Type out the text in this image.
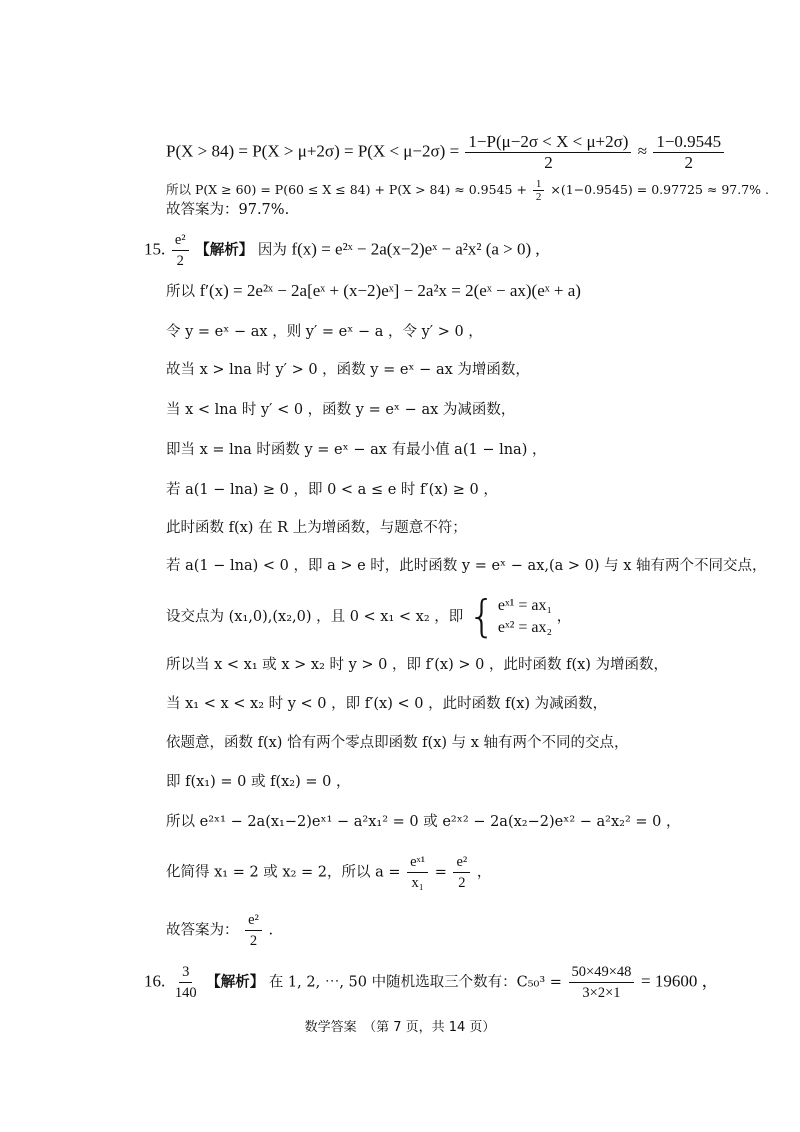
$P(X > 84) = P(X > \mu+2\sigma) = P(X < \mu-2\sigma) = \frac{1-P(\mu-2\sigma < X < \mu+2\sigma)}{2} \approx \frac{1-0.9545}{2}$
所以 $P(X \ge 60) = P(60 \le X \le 84) + P(X > 84) \approx 0.9545 + \frac{1}{2} \times(1-0.9545) = 0.97725 \approx 97.7\%$ .
故答案为：97.7%.
15. $\frac{\text{e²}}{2}$ 【解析】 因为 f(x) = e²ˣ − 2a(x−2)eˣ − a²x² (a > 0) ,
所以 f′(x) = 2e²ˣ − 2a[eˣ + (x−2)eˣ] − 2a²x = 2(eˣ − ax)(eˣ + a)
令 y = eˣ − ax ，则 y′ = eˣ − a ，令 y′ > 0 ，
故当 x > lna 时 y′ > 0 ，函数 y = eˣ − ax 为增函数，
当 x < lna 时 y′ < 0 ，函数 y = eˣ − ax 为减函数，
即当 x = lna 时函数 y = eˣ − ax 有最小值 a(1 − lna) ，
若 a(1 − lna) ≥ 0 ，即 0 < a ≤ e 时 f′(x) ≥ 0 ，
此时函数 f(x) 在 R 上为增函数，与题意不符；
若 a(1 − lna) < 0 ，即 a > e 时，此时函数 y = eˣ − ax,(a > 0) 与 x 轴有两个不同交点，
设交点为 (x₁,0),(x₂,0) ，且 0 < x₁ < x₂ ，即 { eˣ¹ = ax₁
eˣ² = ax₂
，
所以当 x < x₁ 或 x > x₂ 时 y > 0 ，即 f′(x) > 0 ，此时函数 f(x) 为增函数，
当 x₁ < x < x₂ 时 y < 0 ，即 f′(x) < 0 ，此时函数 f(x) 为减函数，
依题意，函数 f(x) 恰有两个零点即函数 f(x) 与 x 轴有两个不同的交点，
即 f(x₁) = 0 或 f(x₂) = 0 ，
所以 e²ˣ¹ − 2a(x₁−2)eˣ¹ − a²x₁² = 0 或 e²ˣ² − 2a(x₂−2)eˣ² − a²x₂² = 0 ，
化简得 x₁ = 2 或 x₂ = 2，所以 $a = \frac{\text{eˣ¹}}{\text{x₁}} = \frac{\text{e²}}{2}$ ，
故答案为： $\frac{\text{e²}}{2}$ .
16. $\frac{3}{140}$ 【解析】 在 1, 2, ⋯, 50 中随机选取三个数有：$C_{50}^3 = \frac{50\times 49\times 48}{3\times 2\times 1} = 19600$ ，
数学答案　（第 7 页，共 14 页）
